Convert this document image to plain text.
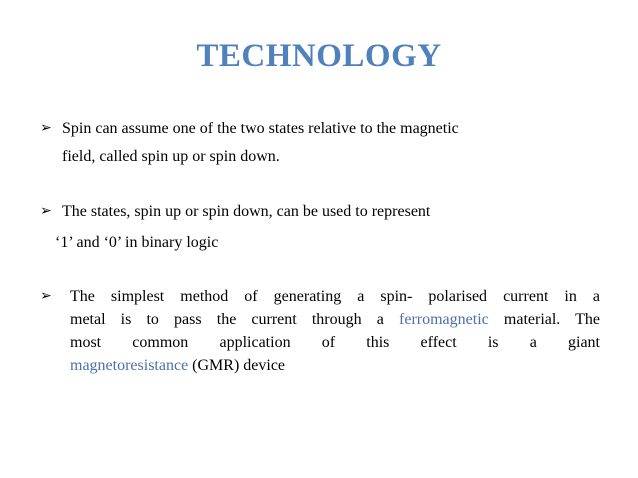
TECHNOLOGY
➢ Spin can assume one of the two states relative to the magnetic
field, called spin up or spin down.
➢ The states, spin up or spin down, can be used to represent
‘1’ and ‘0’ in binary logic
➢ The simplest method of generating a spin- polarised current in a
metal is to pass the current through a ferromagnetic material. The
most common application of this effect is a giant
magnetoresistance (GMR) device
